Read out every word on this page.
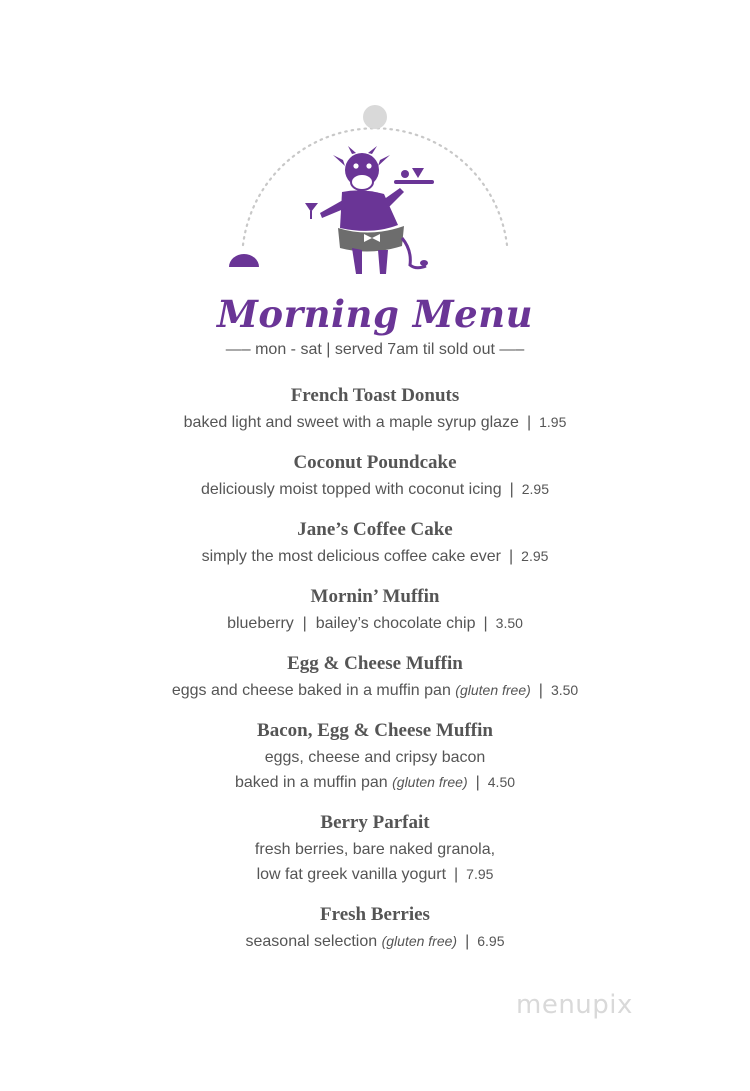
Morning Menu
—– mon - sat | served 7am til sold out —–
French Toast Donuts
baked light and sweet with a maple syrup glaze | 1.95
Coconut Poundcake
deliciously moist topped with coconut icing | 2.95
Jane’s Coffee Cake
simply the most delicious coffee cake ever | 2.95
Mornin’ Muffin
blueberry  |  bailey’s chocolate chip | 3.50
Egg & Cheese Muffin
eggs and cheese baked in a muffin pan (gluten free) | 3.50
Bacon, Egg & Cheese Muffin
eggs, cheese and cripsy bacon
baked in a muffin pan (gluten free) | 4.50
Berry Parfait
fresh berries, bare naked granola,
low fat greek vanilla yogurt | 7.95
Fresh Berries
seasonal selection (gluten free) | 6.95
menupix
